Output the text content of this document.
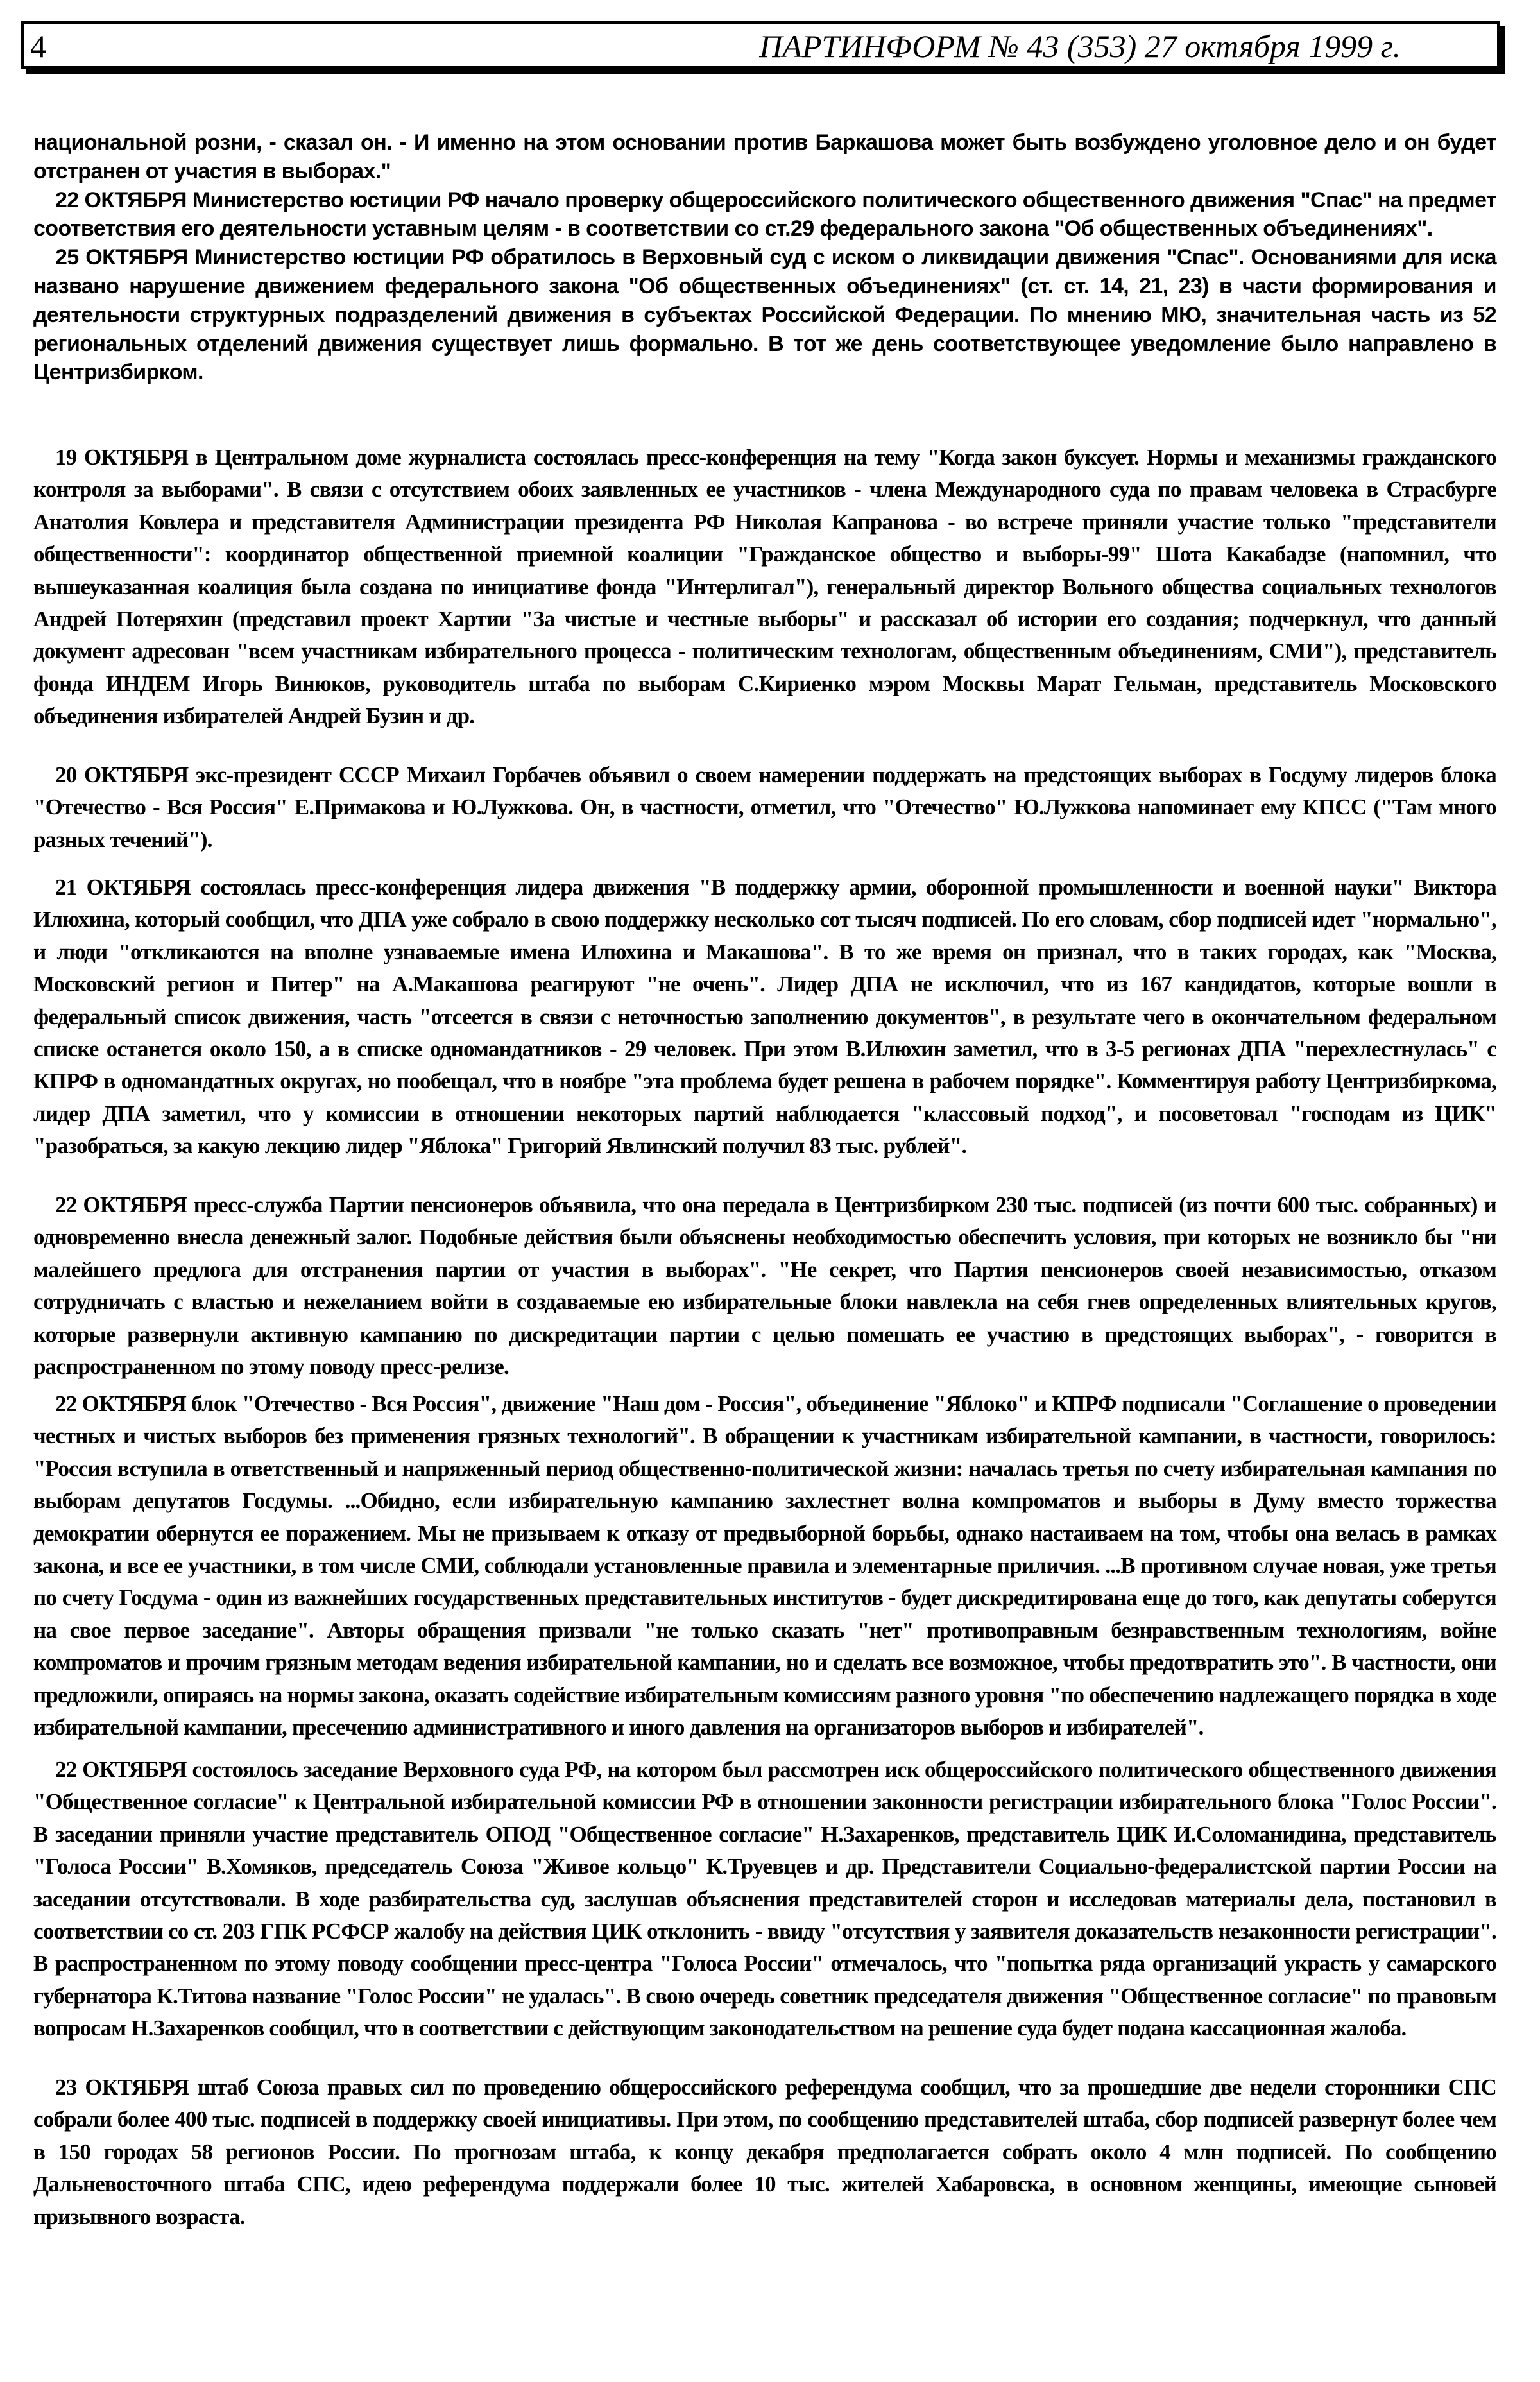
4	ПАРТИНФОРМ № 43 (353) 27 октября 1999 г.

национальной розни, - сказал он. - И именно на этом основании против Баркашова может быть возбуждено уголовное дело и он будет отстранен от участия в выборах."

22 ОКТЯБРЯ Министерство юстиции РФ начало проверку общероссийского политического общественного движения "Спас" на предмет соответствия его деятельности уставным целям - в соответствии со ст.29 федерального закона "Об общественных объединениях".

25 ОКТЯБРЯ Министерство юстиции РФ обратилось в Верховный суд с иском о ликвидации движения "Спас". Основаниями для иска названо нарушение движением федерального закона "Об общественных объединениях" (ст. ст. 14, 21, 23) в части формирования и деятельности структурных подразделений движения в субъектах Российской Федерации. По мнению МЮ, значительная часть из 52 региональных отделений движения существует лишь формально. В тот же день соответствующее уведомление было направлено в Центризбирком.

19 ОКТЯБРЯ в Центральном доме журналиста состоялась пресс-конференция на тему "Когда закон буксует. Нормы и механизмы гражданского контроля за выборами". В связи с отсутствием обоих заявленных ее участников - члена Международного суда по правам человека в Страсбурге Анатолия Ковлера и представителя Администрации президента РФ Николая Капранова - во встрече приняли участие только "представители общественности": координатор общественной приемной коалиции "Гражданское общество и выборы-99" Шота Какабадзе (напомнил, что вышеуказанная коалиция была создана по инициативе фонда "Интерлигал"), генеральный директор Вольного общества социальных технологов Андрей Потеряхин (представил проект Хартии "За чистые и честные выборы" и рассказал об истории его создания; подчеркнул, что данный документ адресован "всем участникам избирательного процесса - политическим технологам, общественным объединениям, СМИ"), представитель фонда ИНДЕМ Игорь Винюков, руководитель штаба по выборам С.Кириенко мэром Москвы Марат Гельман, представитель Московского объединения избирателей Андрей Бузин и др.

20 ОКТЯБРЯ экс-президент СССР Михаил Горбачев объявил о своем намерении поддержать на предстоящих выборах в Госдуму лидеров блока "Отечество - Вся Россия" Е.Примакова и Ю.Лужкова. Он, в частности, отметил, что "Отечество" Ю.Лужкова напоминает ему КПСС ("Там много разных течений").

21 ОКТЯБРЯ состоялась пресс-конференция лидера движения "В поддержку армии, оборонной промышленности и военной науки" Виктора Илюхина, который сообщил, что ДПА уже собрало в свою поддержку несколько сот тысяч подписей. По его словам, сбор подписей идет "нормально", и люди "откликаются на вполне узнаваемые имена Илюхина и Макашова". В то же время он признал, что в таких городах, как "Москва, Московский регион и Питер" на А.Макашова реагируют "не очень". Лидер ДПА не исключил, что из 167 кандидатов, которые вошли в федеральный список движения, часть "отсеется в связи с неточностью заполнению документов", в результате чего в окончательном федеральном списке останется около 150, а в списке одномандатников - 29 человек. При этом В.Илюхин заметил, что в 3-5 регионах ДПА "перехлестнулась" с КПРФ в одномандатных округах, но пообещал, что в ноябре "эта проблема будет решена в рабочем порядке". Комментируя работу Центризбиркома, лидер ДПА заметил, что у комиссии в отношении некоторых партий наблюдается "классовый подход", и посоветовал "господам из ЦИК" "разобраться, за какую лекцию лидер "Яблока" Григорий Явлинский получил 83 тыс. рублей".

22 ОКТЯБРЯ пресс-служба Партии пенсионеров объявила, что она передала в Центризбирком 230 тыс. подписей (из почти 600 тыс. собранных) и одновременно внесла денежный залог. Подобные действия были объяснены необходимостью обеспечить условия, при которых не возникло бы "ни малейшего предлога для отстранения партии от участия в выборах". "Не секрет, что Партия пенсионеров своей независимостью, отказом сотрудничать с властью и нежеланием войти в создаваемые ею избирательные блоки навлекла на себя гнев определенных влиятельных кругов, которые развернули активную кампанию по дискредитации партии с целью помешать ее участию в предстоящих выборах", - говорится в распространенном по этому поводу пресс-релизе.

22 ОКТЯБРЯ блок "Отечество - Вся Россия", движение "Наш дом - Россия", объединение "Яблоко" и КПРФ подписали "Соглашение о проведении честных и чистых выборов без применения грязных технологий". В обращении к участникам избирательной кампании, в частности, говорилось: "Россия вступила в ответственный и напряженный период общественно-политической жизни: началась третья по счету избирательная кампания по выборам депутатов Госдумы. ...Обидно, если избирательную кампанию захлестнет волна компроматов и выборы в Думу вместо торжества демократии обернутся ее поражением. Мы не призываем к отказу от предвыборной борьбы, однако настаиваем на том, чтобы она велась в рамках закона, и все ее участники, в том числе СМИ, соблюдали установленные правила и элементарные приличия. ...В противном случае новая, уже третья по счету Госдума - один из важнейших государственных представительных институтов - будет дискредитирована еще до того, как депутаты соберутся на свое первое заседание". Авторы обращения призвали "не только сказать "нет" противоправным безнравственным технологиям, войне компроматов и прочим грязным методам ведения избирательной кампании, но и сделать все возможное, чтобы предотвратить это". В частности, они предложили, опираясь на нормы закона, оказать содействие избирательным комиссиям разного уровня "по обеспечению надлежащего порядка в ходе избирательной кампании, пресечению административного и иного давления на организаторов выборов и избирателей".

22 ОКТЯБРЯ состоялось заседание Верховного суда РФ, на котором был рассмотрен иск общероссийского политического общественного движения "Общественное согласие" к Центральной избирательной комиссии РФ в отношении законности регистрации избирательного блока "Голос России". В заседании приняли участие представитель ОПОД "Общественное согласие" Н.Захаренков, представитель ЦИК И.Соломанидина, представитель "Голоса России" В.Хомяков, председатель Союза "Живое кольцо" К.Труевцев и др. Представители Социально-федералистской партии России на заседании отсутствовали. В ходе разбирательства суд, заслушав объяснения представителей сторон и исследовав материалы дела, постановил в соответствии со ст. 203 ГПК РСФСР жалобу на действия ЦИК отклонить - ввиду "отсутствия у заявителя доказательств незаконности регистрации". В распространенном по этому поводу сообщении пресс-центра "Голоса России" отмечалось, что "попытка ряда организаций украсть у самарского губернатора К.Титова название "Голос России" не удалась". В свою очередь советник председателя движения "Общественное согласие" по правовым вопросам Н.Захаренков сообщил, что в соответствии с действующим законодательством на решение суда будет подана кассационная жалоба.

23 ОКТЯБРЯ штаб Союза правых сил по проведению общероссийского референдума сообщил, что за прошедшие две недели сторонники СПС собрали более 400 тыс. подписей в поддержку своей инициативы. При этом, по сообщению представителей штаба, сбор подписей развернут более чем в 150 городах 58 регионов России. По прогнозам штаба, к концу декабря предполагается собрать около 4 млн подписей. По сообщению Дальневосточного штаба СПС, идею референдума поддержали более 10 тыс. жителей Хабаровска, в основном женщины, имеющие сыновей призывного возраста.
